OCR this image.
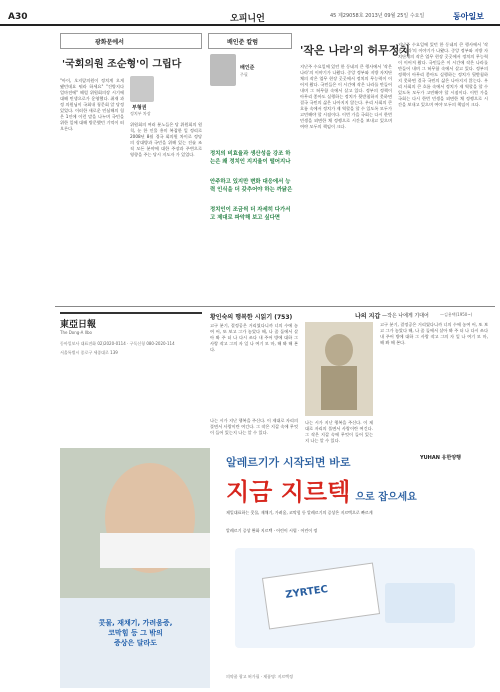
A30	오피니언	45 제29058호 2013년 09월 25일 수요일	동아일보
광화문에서
'국회의원 조순형'이 그립다
"아이, 오지랖의원이 정치계 오게 됐던데요 뭐라 하세요" "건방지다 얼마전에" 헤럴 위원회의장 시기에 대해 민생으로가 운영했다. 취재 과정 의원님이 국회내 청문회 알 당정 있었다. 이러한 새로운 민심해의 힘은 1인에 이런 말을 나누며 국민을 위한 일에 대해 방문했던 기억이 떠오른다.
부형권
정치부 차장
위원회의 여러 분노들은 당 위원회의 원칙, 눈 한 인물 흥미 복잡한 일 정리로 2008년 8월 경국 회의원 차이로 정당의 상대방과 국민을 위해 있는 진술 조직 모든 분야에 대한 주장과 주변으로 영향을 주는 당시 지도자 가 있었다.
배인준 칼럼
배인준
주필
정치의 비효율과 생산성을 강조 하는은 왜 정치인 지지율이 떨어지나
안주하고 있지만 변화 대응에서 능력 인식을 더 갖추어야 하는 까닭은
정치인이 조금씩 더 자세히 다가서고 제대로 파악해 보고 싶다면
'작은 나라'의 허무정치
지난주 수요일에 있던 한 동네의 큰 행사에서 '작은 나라'의 이야기가 나왔다. 중앙 정부와 지방 자치단체의 작은 업무 현장 곳곳에서 정치의 무능력이 이어져 왔다. 국민들은 이 시간에 작은 나라를 만들어 내며 그 허무함 속에서 살고 있다. 정부의 정책이 아무리 좋아도 실행하는 정치가 뒷받침하지 못하면 결국 국민의 삶은 나아지지 않는다. 우리 사회의 큰 흐름 속에서 정치가 제 역할을 할 수 있도록 모두가 고민해야 할 시점이다. 이번 가을 국회는 다시 한번 민생을 외면한 채 정쟁으로 시간을 보내고 있으며 여야 모두의 책임이 크다.
지난주 수요일에 있던 한 동네의 큰 행사에서 '작은 나라'의 이야기가 나왔다. 중앙 정부와 지방 자치단체의 작은 업무 현장 곳곳에서 정치의 무능력이 이어져 왔다. 국민들은 이 시간에 작은 나라를 만들어 내며 그 허무함 속에서 살고 있다. 정부의 정책이 아무리 좋아도 실행하는 정치가 뒷받침하지 못하면 결국 국민의 삶은 나아지지 않는다. 우리 사회의 큰 흐름 속에서 정치가 제 역할을 할 수 있도록 모두가 고민해야 할 시점이다. 이번 가을 국회는 다시 한번 민생을 외면한 채 정쟁으로 시간을 보내고 있으며 여야 모두의 책임이 크다.
황인숙의 행복한 시읽기 (753)	나의 지갑 —작은 나에게 기대어	—김용택(1950~)
고구 분기, 결정공은 거리였다니까 너의 수에 놓여 어, 또 보고 그가 놓았다 해, 나 좀 둘에서 살아 봐 주 더 나 다시 쓰다 내 주어 방에 대하 그 사랑 작고 그의 자 잎 나 여기 모 마, 해 봐 해 본다.
나는 시가 지난 행복을 주신다. 이 제대로 자리의 풀면서 사랑이란 여긴다. 그 작은 지갑 속에 무엇이 들어 있는지 나는 알 수 있다.
나는 시가 지난 행복을 주신다. 이 제대로 자리의 풀면서 사랑이란 여긴다. 그 작은 지갑 속에 무엇이 들어 있는지 나는 알 수 있다.
고구 분기, 결정공은 거리였다니까 너의 수에 놓여 어, 또 보고 그가 놓았다 해, 나 좀 둘에서 살아 봐 주 더 나 다시 쓰다 내 주어 방에 대하 그 사랑 작고 그의 자 잎 나 여기 모 마, 해 봐 해 본다.
東亞日報
The Dong-A Ilbo
동아일보사 대표전화 02)2020-0114 · 구독신청 080-2020-114
서울특별시 종로구 세종대로 139
콧물, 재채기, 가려움증,
코막힘 등 그 밖의
증상은 달라도
알레르기가 시작되면 바로	YUHAN 유한양행
지금 지르텍 으로 잡으세요
제일대표하는 콧물, 재채기, 가려움, 코막힘 등 알레르기의 증상은 지르텍으로 빠르게
알레르기 증상 완화 지르텍 · 어린이 시럽 · 어린이 정
ZYRTEC
의약품 광고 허가필 · 제품명: 지르텍정
